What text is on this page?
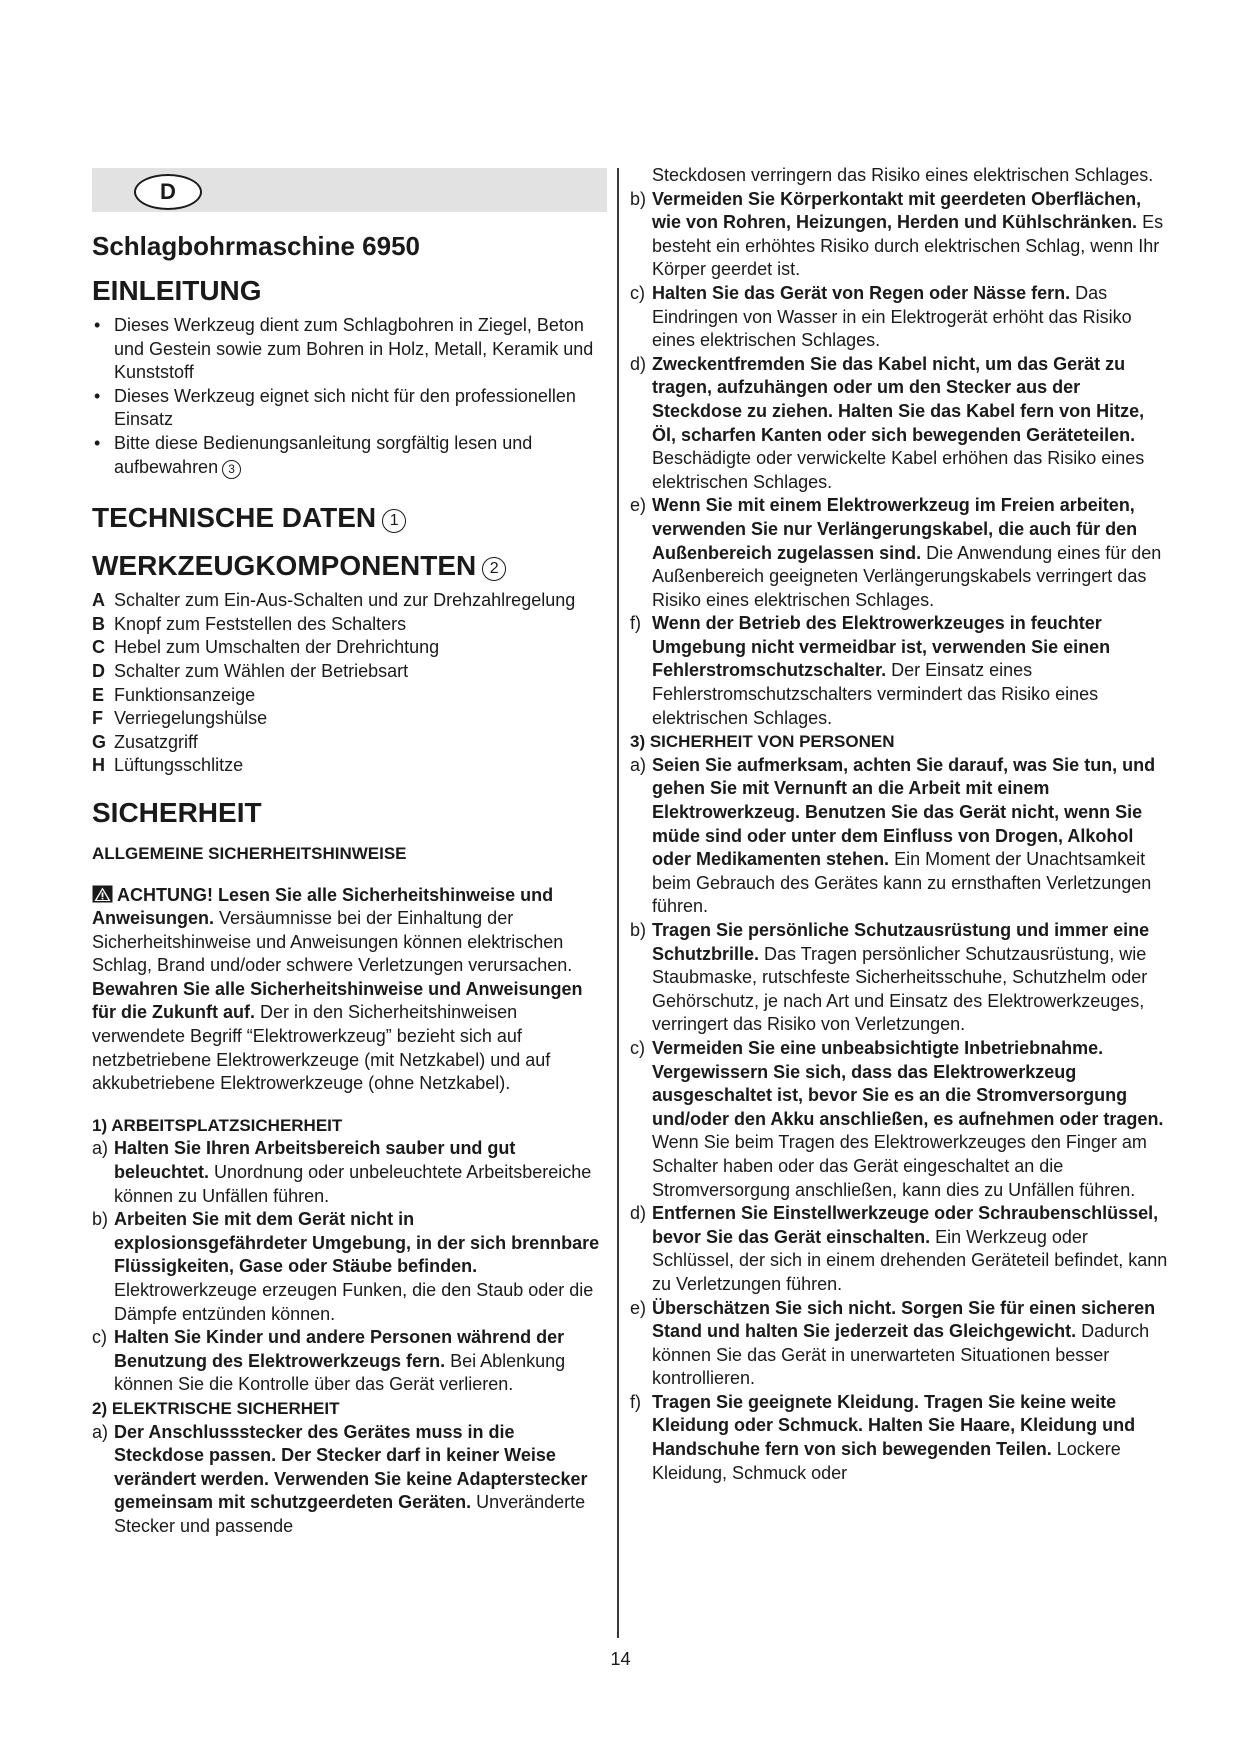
D
Schlagbohrmaschine 6950
EINLEITUNG
• Dieses Werkzeug dient zum Schlagbohren in Ziegel, Beton und Gestein sowie zum Bohren in Holz, Metall, Keramik und Kunststoff
• Dieses Werkzeug eignet sich nicht für den professionellen Einsatz
• Bitte diese Bedienungsanleitung sorgfältig lesen und aufbewahren 3
TECHNISCHE DATEN 1
WERKZEUGKOMPONENTEN 2
A Schalter zum Ein-Aus-Schalten und zur Drehzahlregelung
B Knopf zum Feststellen des Schalters
C Hebel zum Umschalten der Drehrichtung
D Schalter zum Wählen der Betriebsart
E Funktionsanzeige
F Verriegelungshülse
G Zusatzgriff
H Lüftungsschlitze
SICHERHEIT
ALLGEMEINE SICHERHEITSHINWEISE
ACHTUNG! Lesen Sie alle Sicherheitshinweise und Anweisungen. Versäumnisse bei der Einhaltung der Sicherheitshinweise und Anweisungen können elektrischen Schlag, Brand und/oder schwere Verletzungen verursachen. Bewahren Sie alle Sicherheitshinweise und Anweisungen für die Zukunft auf. Der in den Sicherheitshinweisen verwendete Begriff “Elektrowerkzeug” bezieht sich auf netzbetriebene Elektrowerkzeuge (mit Netzkabel) und auf akkubetriebene Elektrowerkzeuge (ohne Netzkabel).
1) ARBEITSPLATZSICHERHEIT
a) Halten Sie Ihren Arbeitsbereich sauber und gut beleuchtet. Unordnung oder unbeleuchtete Arbeitsbereiche können zu Unfällen führen.
b) Arbeiten Sie mit dem Gerät nicht in explosionsgefährdeter Umgebung, in der sich brennbare Flüssigkeiten, Gase oder Stäube befinden. Elektrowerkzeuge erzeugen Funken, die den Staub oder die Dämpfe entzünden können.
c) Halten Sie Kinder und andere Personen während der Benutzung des Elektrowerkzeugs fern. Bei Ablenkung können Sie die Kontrolle über das Gerät verlieren.
2) ELEKTRISCHE SICHERHEIT
a) Der Anschlussstecker des Gerätes muss in die Steckdose passen. Der Stecker darf in keiner Weise verändert werden. Verwenden Sie keine Adapterstecker gemeinsam mit schutzgeerdeten Geräten. Unveränderte Stecker und passende
Steckdosen verringern das Risiko eines elektrischen Schlages.
b) Vermeiden Sie Körperkontakt mit geerdeten Oberflächen, wie von Rohren, Heizungen, Herden und Kühlschränken. Es besteht ein erhöhtes Risiko durch elektrischen Schlag, wenn Ihr Körper geerdet ist.
c) Halten Sie das Gerät von Regen oder Nässe fern. Das Eindringen von Wasser in ein Elektrogerät erhöht das Risiko eines elektrischen Schlages.
d) Zweckentfremden Sie das Kabel nicht, um das Gerät zu tragen, aufzuhängen oder um den Stecker aus der Steckdose zu ziehen. Halten Sie das Kabel fern von Hitze, Öl, scharfen Kanten oder sich bewegenden Geräteteilen. Beschädigte oder verwickelte Kabel erhöhen das Risiko eines elektrischen Schlages.
e) Wenn Sie mit einem Elektrowerkzeug im Freien arbeiten, verwenden Sie nur Verlängerungskabel, die auch für den Außenbereich zugelassen sind. Die Anwendung eines für den Außenbereich geeigneten Verlängerungskabels verringert das Risiko eines elektrischen Schlages.
f) Wenn der Betrieb des Elektrowerkzeuges in feuchter Umgebung nicht vermeidbar ist, verwenden Sie einen Fehlerstromschutzschalter. Der Einsatz eines Fehlerstromschutzschalters vermindert das Risiko eines elektrischen Schlages.
3) SICHERHEIT VON PERSONEN
a) Seien Sie aufmerksam, achten Sie darauf, was Sie tun, und gehen Sie mit Vernunft an die Arbeit mit einem Elektrowerkzeug. Benutzen Sie das Gerät nicht, wenn Sie müde sind oder unter dem Einfluss von Drogen, Alkohol oder Medikamenten stehen. Ein Moment der Unachtsamkeit beim Gebrauch des Gerätes kann zu ernsthaften Verletzungen führen.
b) Tragen Sie persönliche Schutzausrüstung und immer eine Schutzbrille. Das Tragen persönlicher Schutzausrüstung, wie Staubmaske, rutschfeste Sicherheitsschuhe, Schutzhelm oder Gehörschutz, je nach Art und Einsatz des Elektrowerkzeuges, verringert das Risiko von Verletzungen.
c) Vermeiden Sie eine unbeabsichtigte Inbetriebnahme. Vergewissern Sie sich, dass das Elektrowerkzeug ausgeschaltet ist, bevor Sie es an die Stromversorgung und/oder den Akku anschließen, es aufnehmen oder tragen. Wenn Sie beim Tragen des Elektrowerkzeuges den Finger am Schalter haben oder das Gerät eingeschaltet an die Stromversorgung anschließen, kann dies zu Unfällen führen.
d) Entfernen Sie Einstellwerkzeuge oder Schraubenschlüssel, bevor Sie das Gerät einschalten. Ein Werkzeug oder Schlüssel, der sich in einem drehenden Geräteteil befindet, kann zu Verletzungen führen.
e) Überschätzen Sie sich nicht. Sorgen Sie für einen sicheren Stand und halten Sie jederzeit das Gleichgewicht. Dadurch können Sie das Gerät in unerwarteten Situationen besser kontrollieren.
f) Tragen Sie geeignete Kleidung. Tragen Sie keine weite Kleidung oder Schmuck. Halten Sie Haare, Kleidung und Handschuhe fern von sich bewegenden Teilen. Lockere Kleidung, Schmuck oder
14
